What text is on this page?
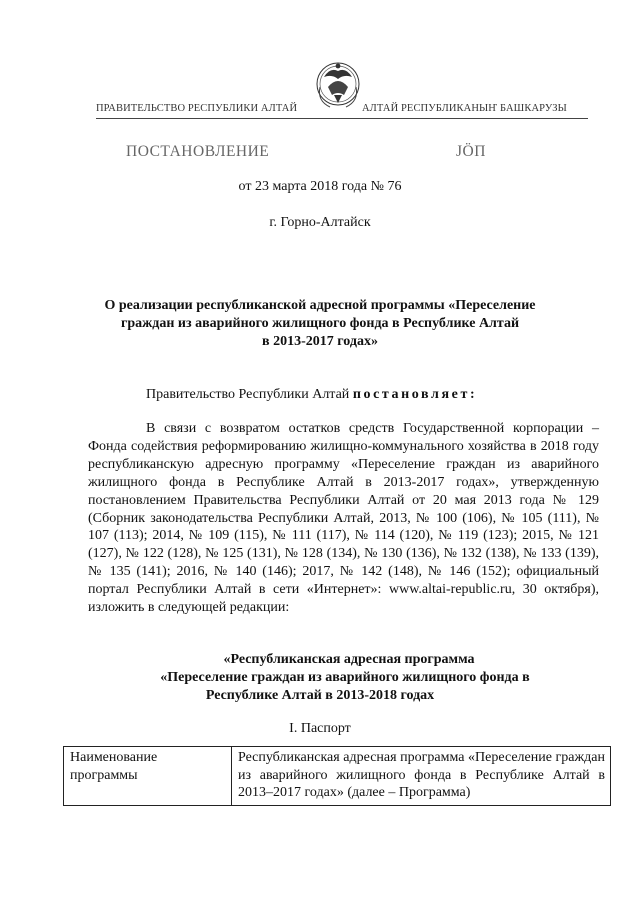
ПРАВИТЕЛЬСТВО РЕСПУБЛИКИ АЛТАЙ	АЛТАЙ РЕСПУБЛИКАНЫҤ БАШКАРУЗЫ
ПОСТАНОВЛЕНИЕ	JӦП
от 23 марта 2018 года № 76
г. Горно-Алтайск
О реализации республиканской адресной программы «Переселение
граждан из аварийного жилищного фонда в Республике Алтай
в 2013-2017 годах»
Правительство Республики Алтай постановляет:

В связи с возвратом остатков средств Государственной корпорации – Фонда содействия реформированию жилищно-коммунального хозяйства в 2018 году республиканскую адресную программу «Переселение граждан из аварийного жилищного фонда в Республике Алтай в 2013-2017 годах», утвержденную постановлением Правительства Республики Алтай от 20 мая 2013 года № 129 (Сборник законодательства Республики Алтай, 2013, № 100 (106), № 105 (111), № 107 (113); 2014, № 109 (115), № 111 (117), № 114 (120), № 119 (123); 2015, № 121 (127), № 122 (128), № 125 (131), № 128 (134), № 130 (136), № 132 (138), № 133 (139), № 135 (141); 2016, № 140 (146); 2017, № 142 (148), № 146 (152); официальный портал Республики Алтай в сети «Интернет»: www.altai-republic.ru, 30 октября), изложить в следующей редакции:

«Республиканская адресная программа
«Переселение граждан из аварийного жилищного фонда в
Республике Алтай в 2013-2018 годах
I. Паспорт
Наименование программы	Республиканская адресная программа «Переселение граждан из аварийного жилищного фонда в Республике Алтай в 2013–2017 годах» (далее – Программа)
